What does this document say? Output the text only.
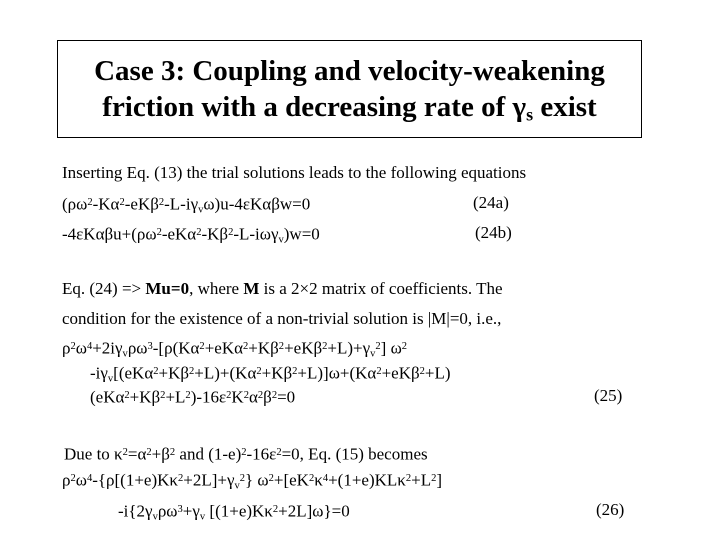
Case 3: Coupling and velocity-weakening
friction with a decreasing rate of $\gamma_s$ exist
Inserting Eq. (13) the trial solutions leads to the following equations
$(\rho\omega^2-K\alpha^2-eK\beta^2-L-i\gamma_v\omega)u-4\varepsilon K\alpha\beta w=0$	(24a)
$-4\varepsilon K\alpha\beta u+(\rho\omega^2-eK\alpha^2-K\beta^2-L-i\omega\gamma_v)w=0$	(24b)
Eq. (24) => Mu=0, where M is a 2×2 matrix of coefficients. The
condition for the existence of a non-trivial solution is |M|=0, i.e.,
$\rho^2\omega^4+2i\gamma_v\rho\omega^3-[\rho(K\alpha^2+eK\alpha^2+K\beta^2+eK\beta^2+L)+\gamma_v^2]$ $\omega^2$
$-i\gamma_v[(eK\alpha^2+K\beta^2+L)+(K\alpha^2+K\beta^2+L)]\omega+(K\alpha^2+eK\beta^2+L)$
$(eK\alpha^2+K\beta^2+L^2)-16\varepsilon^2K^2\alpha^2\beta^2=0$	(25)
Due to $\kappa^2=\alpha^2+\beta^2$ and $(1-e)^2-16\varepsilon^2=0$, Eq. (15) becomes
$\rho^2\omega^4-\{\rho[(1+e)K\kappa^2+2L]+\gamma_v^2\}$ $\omega^2+[eK^2\kappa^4+(1+e)KL\kappa^2+L^2]$
$-i\{2\gamma_v\rho\omega^3+\gamma_v$ $[(1+e)K\kappa^2+2L]\omega\}=0$	(26)
